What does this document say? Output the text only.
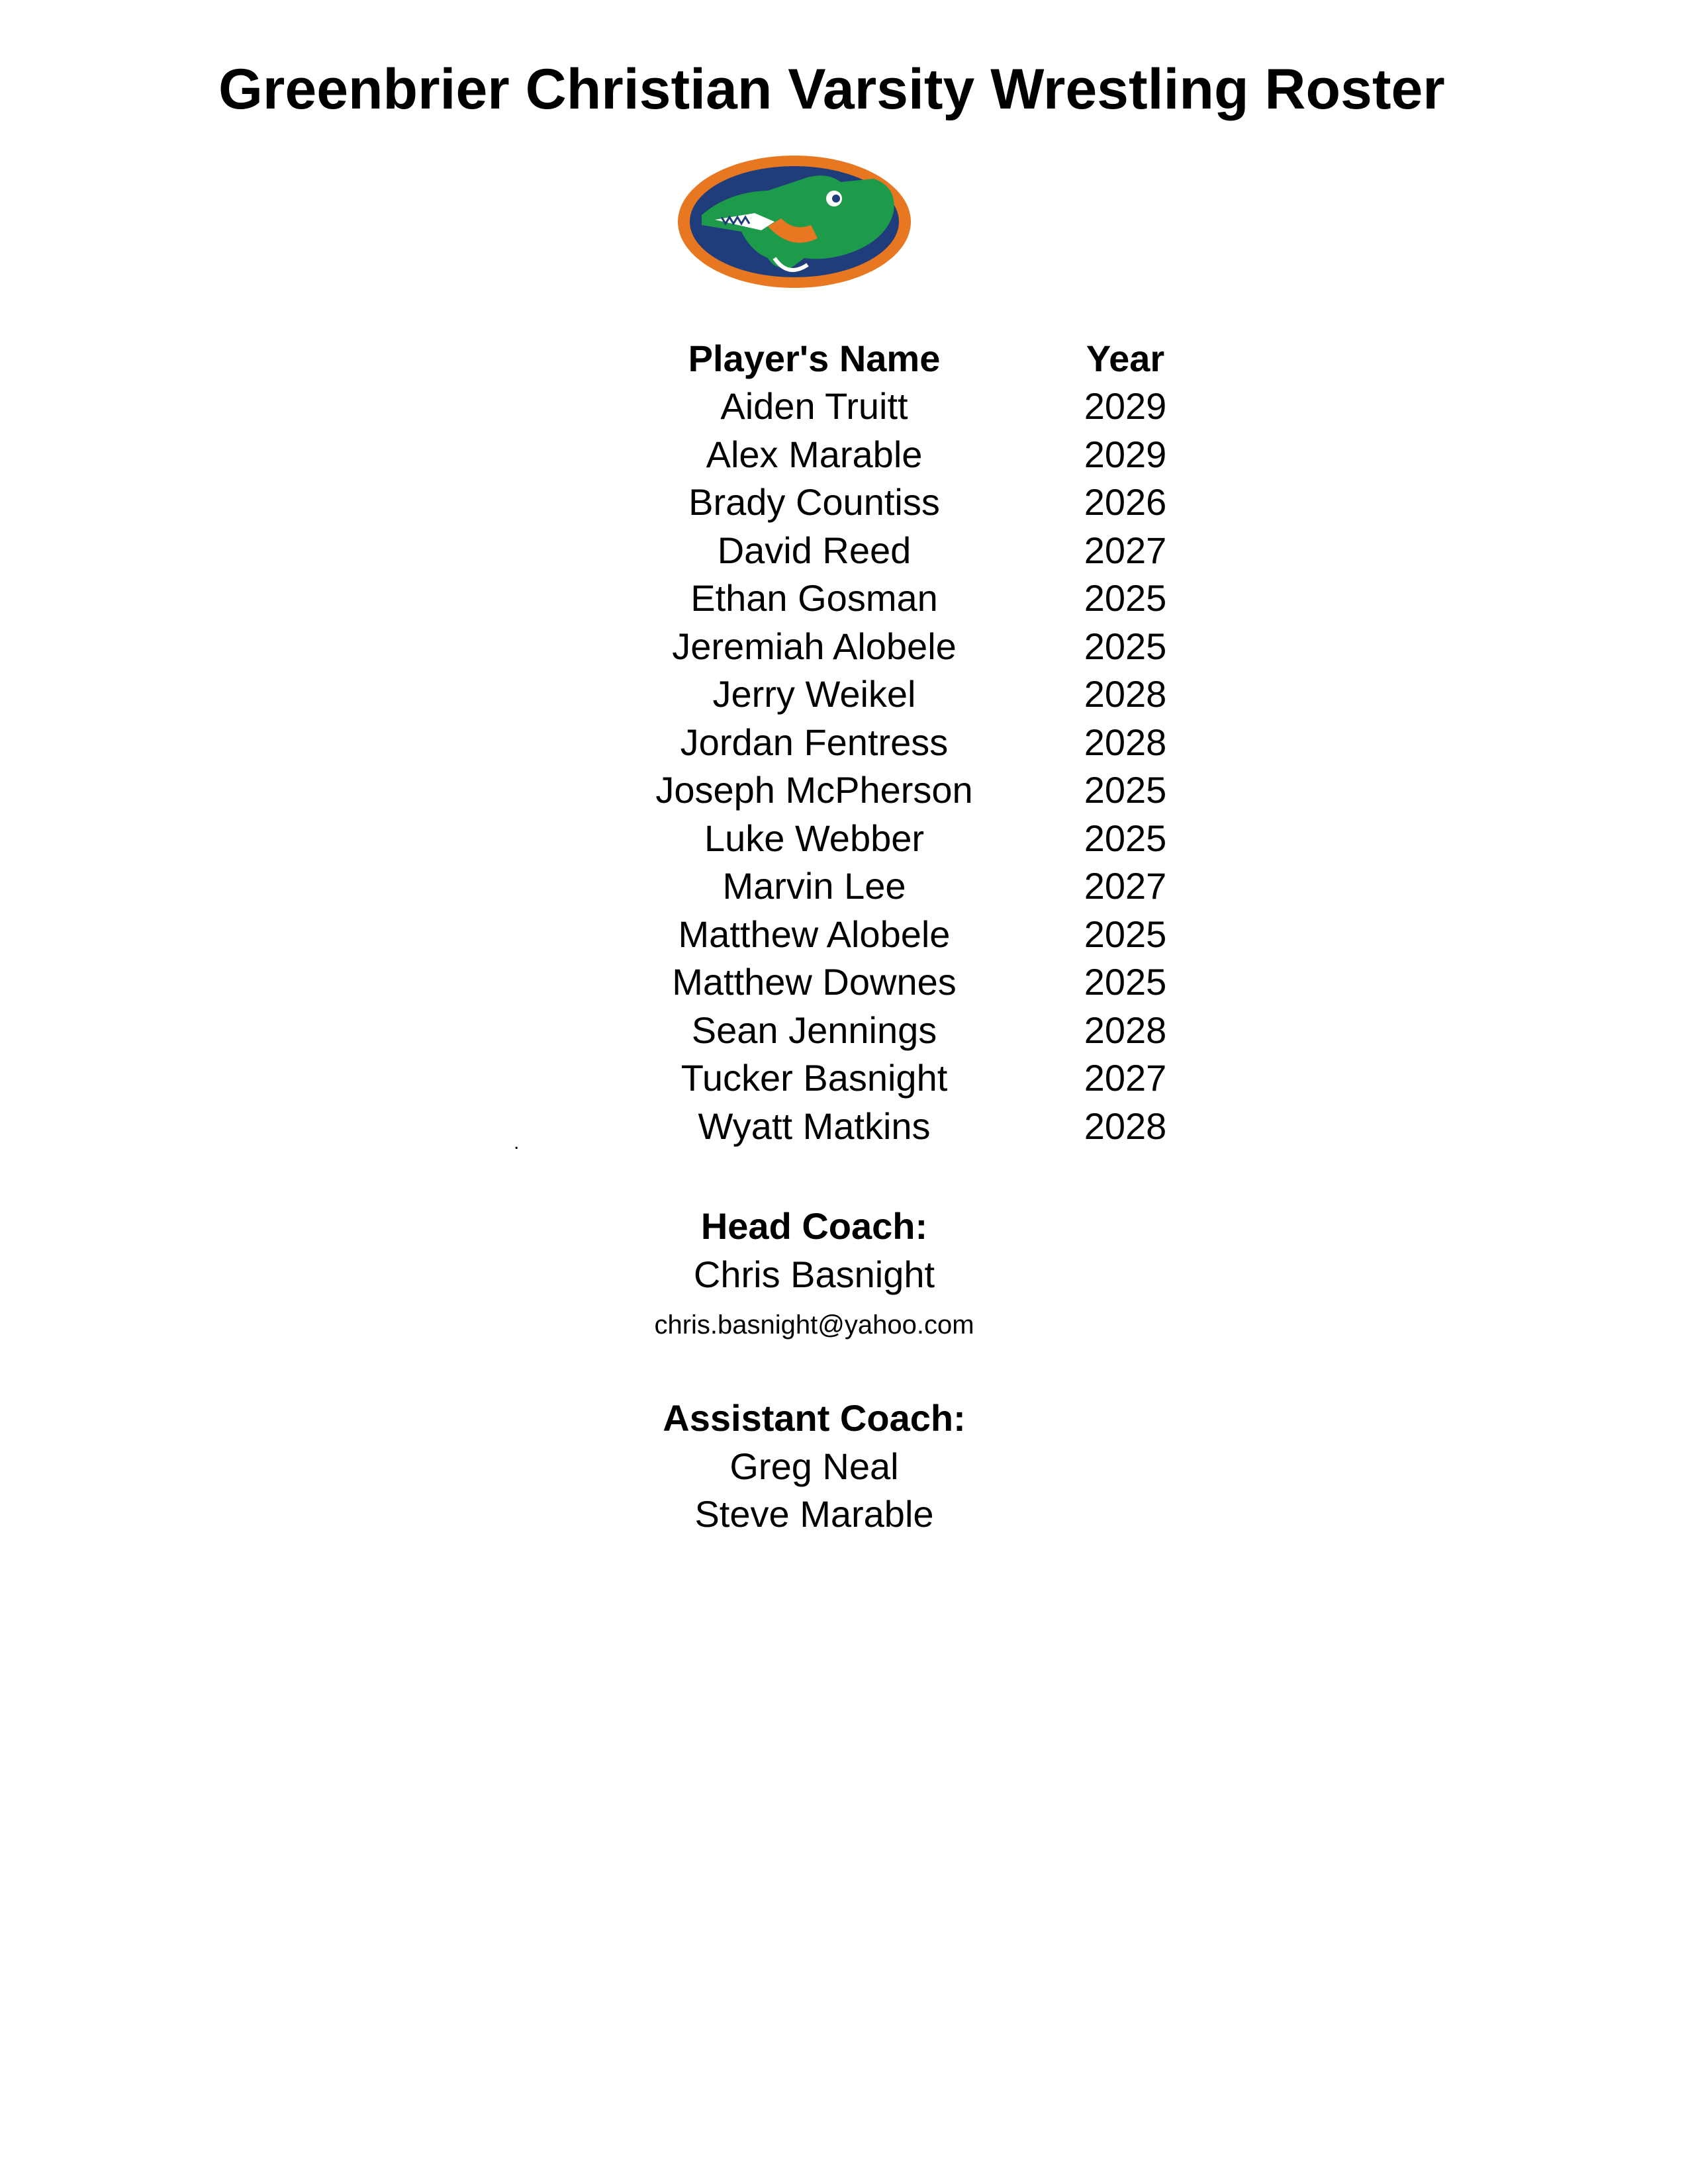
Greenbrier Christian Varsity Wrestling Roster
Player's Name	Year
Aiden Truitt	2029
Alex Marable	2029
Brady Countiss	2026
David Reed	2027
Ethan Gosman	2025
Jeremiah Alobele	2025
Jerry Weikel	2028
Jordan Fentress	2028
Joseph McPherson	2025
Luke Webber	2025
Marvin Lee	2027
Matthew Alobele	2025
Matthew Downes	2025
Sean Jennings	2028
Tucker Basnight	2027
Wyatt Matkins	2028
.
Head Coach:
Chris Basnight
chris.basnight@yahoo.com
Assistant Coach:
Greg Neal
Steve Marable
